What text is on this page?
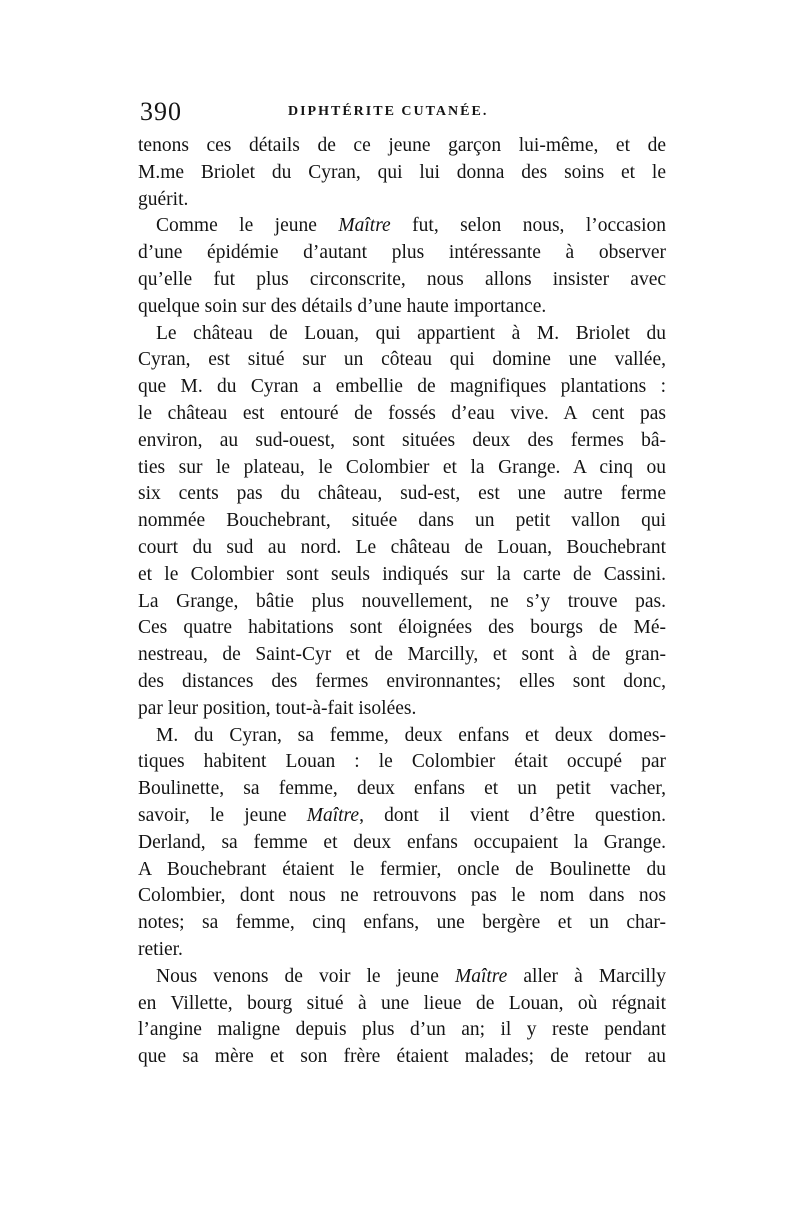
390	DIPHTÉRITE CUTANÉE.
tenons ces détails de ce jeune garçon lui-même, et de
M.me Briolet du Cyran, qui lui donna des soins et le
guérit.
Comme le jeune Maître fut, selon nous, l’occasion
d’une épidémie d’autant plus intéressante à observer
qu’elle fut plus circonscrite, nous allons insister avec
quelque soin sur des détails d’une haute importance.
Le château de Louan, qui appartient à M. Briolet du
Cyran, est situé sur un côteau qui domine une vallée,
que M. du Cyran a embellie de magnifiques plantations :
le château est entouré de fossés d’eau vive. A cent pas
environ, au sud-ouest, sont situées deux des fermes bâ-
ties sur le plateau, le Colombier et la Grange. A cinq ou
six cents pas du château, sud-est, est une autre ferme
nommée Bouchebrant, située dans un petit vallon qui
court du sud au nord. Le château de Louan, Bouchebrant
et le Colombier sont seuls indiqués sur la carte de Cassini.
La Grange, bâtie plus nouvellement, ne s’y trouve pas.
Ces quatre habitations sont éloignées des bourgs de Mé-
nestreau, de Saint-Cyr et de Marcilly, et sont à de gran-
des distances des fermes environnantes; elles sont donc,
par leur position, tout-à-fait isolées.
M. du Cyran, sa femme, deux enfans et deux domes-
tiques habitent Louan : le Colombier était occupé par
Boulinette, sa femme, deux enfans et un petit vacher,
savoir, le jeune Maître, dont il vient d’être question.
Derland, sa femme et deux enfans occupaient la Grange.
A Bouchebrant étaient le fermier, oncle de Boulinette du
Colombier, dont nous ne retrouvons pas le nom dans nos
notes; sa femme, cinq enfans, une bergère et un char-
retier.
Nous venons de voir le jeune Maître aller à Marcilly
en Villette, bourg situé à une lieue de Louan, où régnait
l’angine maligne depuis plus d’un an; il y reste pendant
que sa mère et son frère étaient malades; de retour au
